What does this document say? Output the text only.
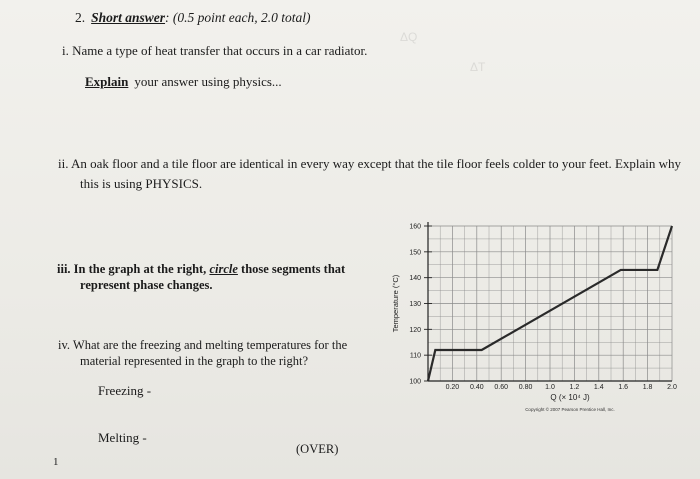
ΔQ
ΔT
2. Short answer: (0.5 point each, 2.0 total)
i. Name a type of heat transfer that occurs in a car radiator.
Explain your answer using physics...
ii. An oak floor and a tile floor are identical in every way except that the tile floor feels colder to your feet. Explain why
this is using PHYSICS.
iii. In the graph at the right, circle those segments that
represent phase changes.
iv. What are the freezing and melting temperatures for the
material represented in the graph to the right?
Freezing -
Melting -
(OVER)
1
100
110
120
130
140
150
160
0.20 0.40 0.60 0.80 1.0 1.2 1.4 1.6 1.8 2.0
Temperature (°C)
Q (× 10⁴ J)
Copyright © 2007 Pearson Prentice Hall, Inc.
